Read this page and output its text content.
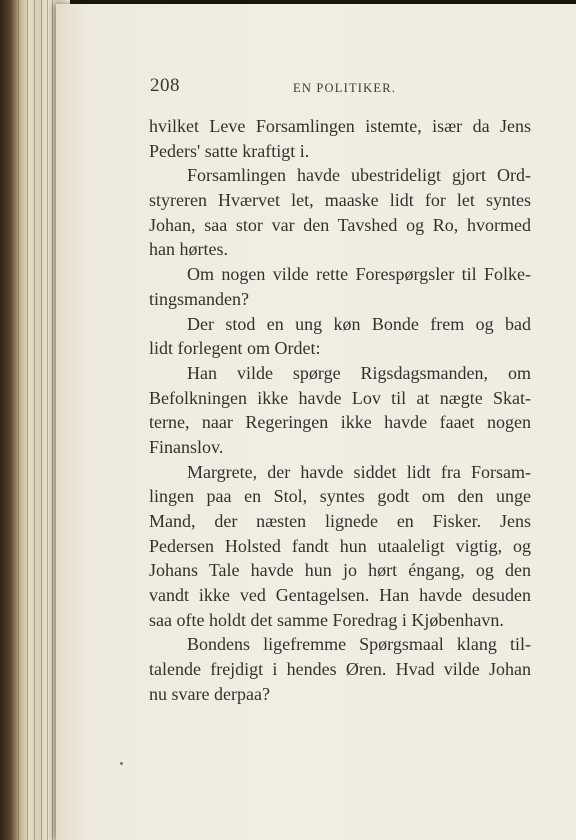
208	EN POLITIKER.
hvilket Leve Forsamlingen istemte, især da Jens
Peders' satte kraftigt i.
Forsamlingen havde ubestrideligt gjort Ord-
styreren Hværvet let, maaske lidt for let syntes
Johan, saa stor var den Tavshed og Ro, hvormed
han hørtes.
Om nogen vilde rette Forespørgsler til Folke-
tingsmanden?
Der stod en ung køn Bonde frem og bad
lidt forlegent om Ordet:
Han vilde spørge Rigsdagsmanden, om
Befolkningen ikke havde Lov til at nægte Skat-
terne, naar Regeringen ikke havde faaet nogen
Finanslov.
Margrete, der havde siddet lidt fra Forsam-
lingen paa en Stol, syntes godt om den unge
Mand, der næsten lignede en Fisker. Jens
Pedersen Holsted fandt hun utaaleligt vigtig, og
Johans Tale havde hun jo hørt éngang, og den
vandt ikke ved Gentagelsen. Han havde desuden
saa ofte holdt det samme Foredrag i Kjøbenhavn.
Bondens ligefremme Spørgsmaal klang til-
talende frejdigt i hendes Øren. Hvad vilde Johan
nu svare derpaa?
